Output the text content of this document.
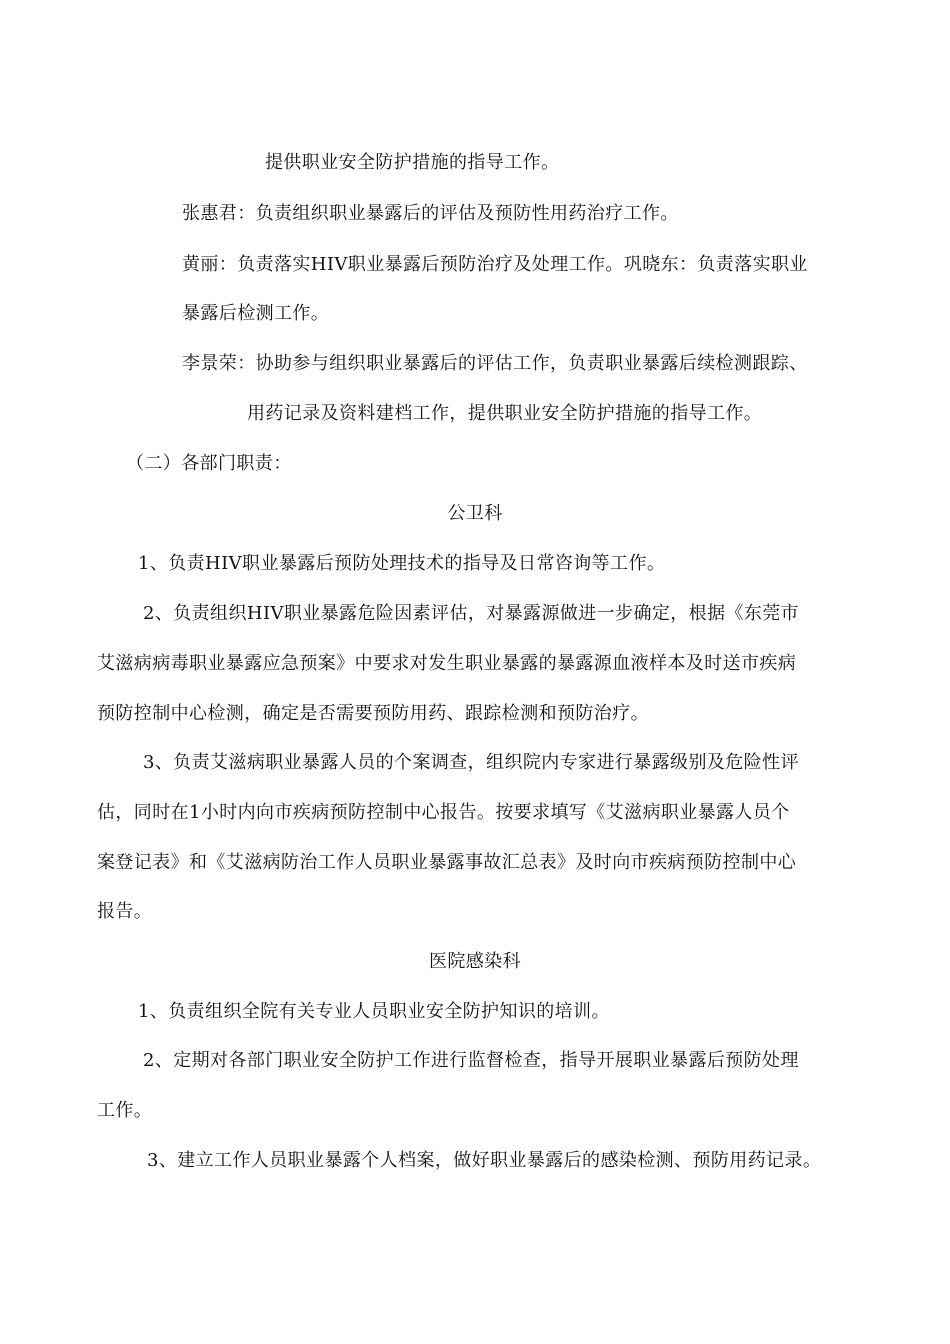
提供职业安全防护措施的指导工作。
张惠君：负责组织职业暴露后的评估及预防性用药治疗工作。
黄丽：负责落实HIV职业暴露后预防治疗及处理工作。巩晓东：负责落实职业
暴露后检测工作。
李景荣：协助参与组织职业暴露后的评估工作，负责职业暴露后续检测跟踪、
用药记录及资料建档工作，提供职业安全防护措施的指导工作。
（二）各部门职责：
公卫科
1、负责HIV职业暴露后预防处理技术的指导及日常咨询等工作。
2、负责组织HIV职业暴露危险因素评估，对暴露源做进一步确定，根据《东莞市
艾滋病病毒职业暴露应急预案》中要求对发生职业暴露的暴露源血液样本及时送市疾病
预防控制中心检测，确定是否需要预防用药、跟踪检测和预防治疗。
3、负责艾滋病职业暴露人员的个案调查，组织院内专家进行暴露级别及危险性评
估，同时在1小时内向市疾病预防控制中心报告。按要求填写《艾滋病职业暴露人员个
案登记表》和《艾滋病防治工作人员职业暴露事故汇总表》及时向市疾病预防控制中心
报告。
医院感染科
1、负责组织全院有关专业人员职业安全防护知识的培训。
2、定期对各部门职业安全防护工作进行监督检查，指导开展职业暴露后预防处理
工作。
3、建立工作人员职业暴露个人档案，做好职业暴露后的感染检测、预防用药记录。
